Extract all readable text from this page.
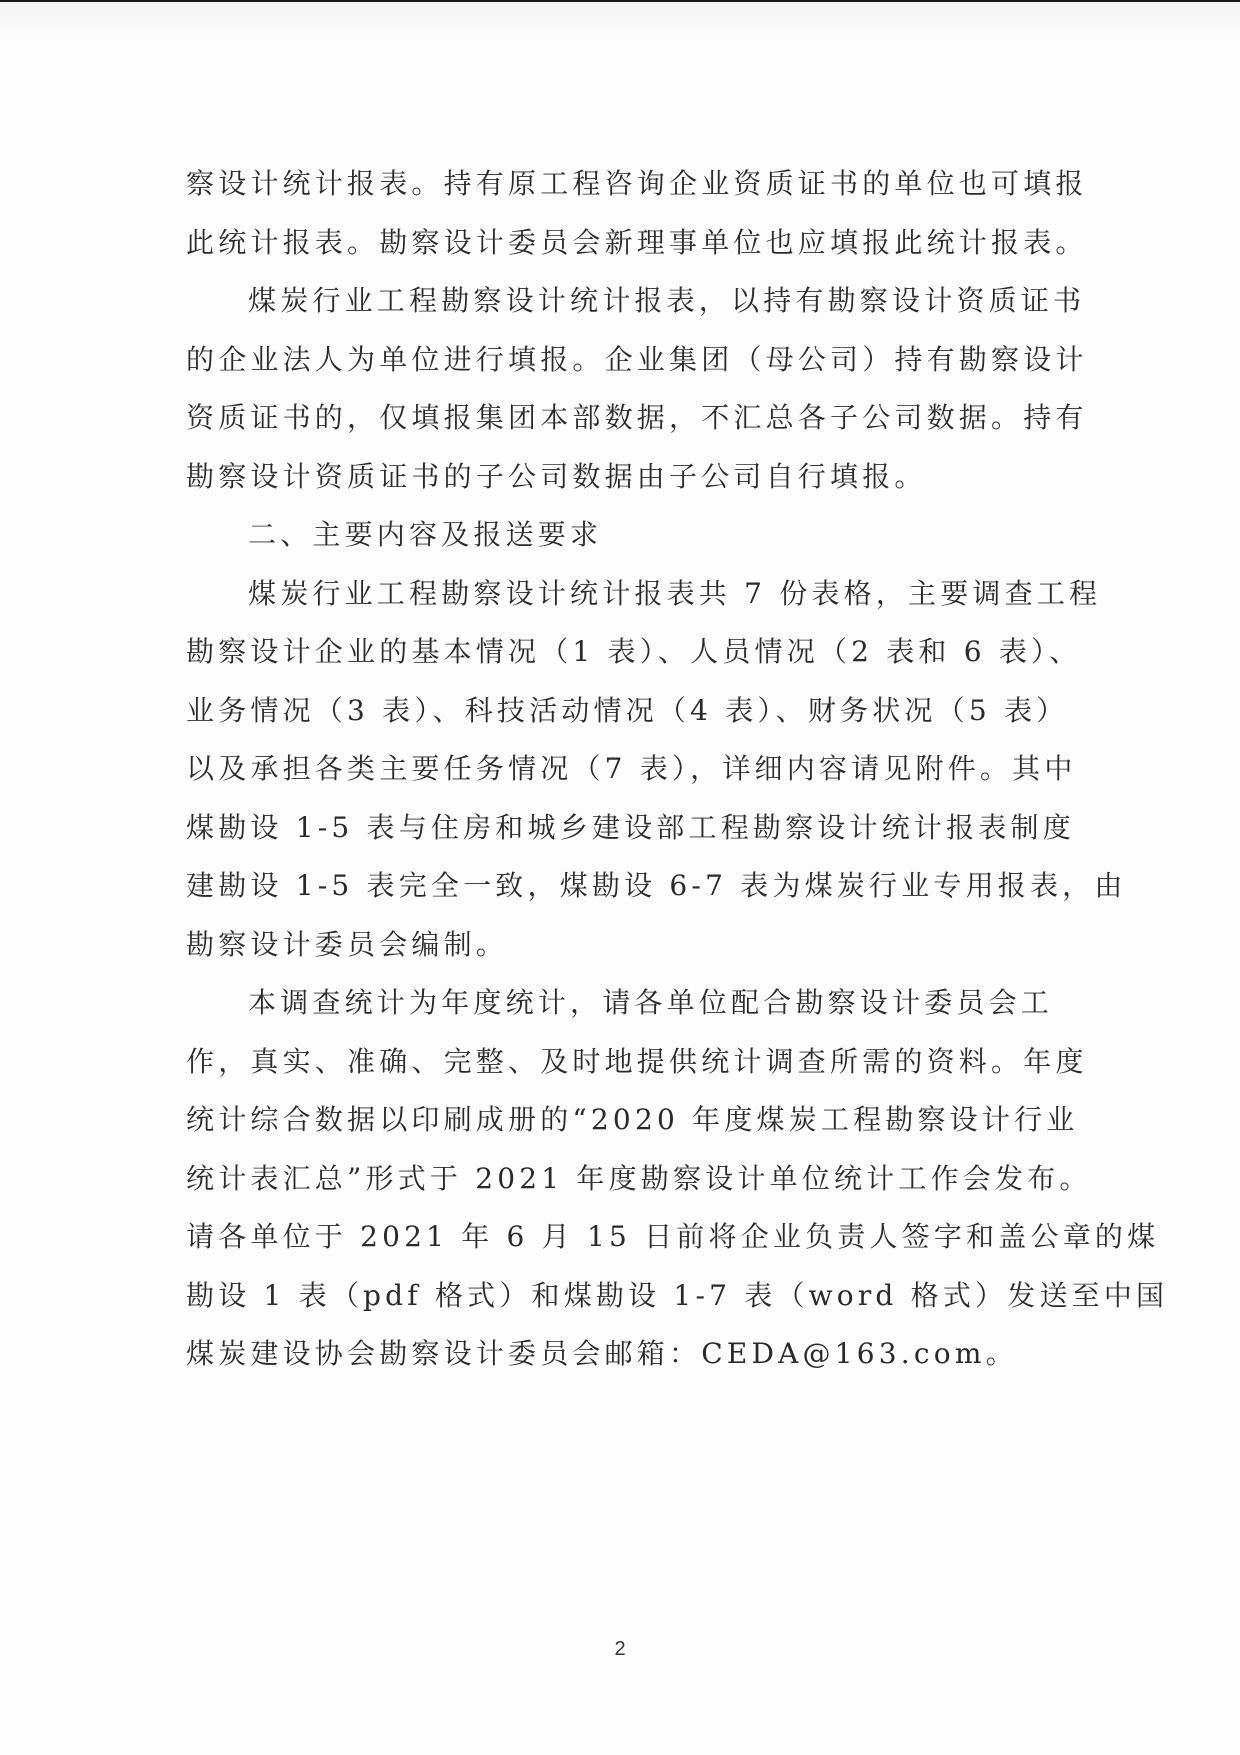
察设计统计报表。持有原工程咨询企业资质证书的单位也可填报
此统计报表。勘察设计委员会新理事单位也应填报此统计报表。
煤炭行业工程勘察设计统计报表，以持有勘察设计资质证书
的企业法人为单位进行填报。企业集团（母公司）持有勘察设计
资质证书的，仅填报集团本部数据，不汇总各子公司数据。持有
勘察设计资质证书的子公司数据由子公司自行填报。
二、主要内容及报送要求
煤炭行业工程勘察设计统计报表共 7 份表格，主要调查工程
勘察设计企业的基本情况（1 表）、人员情况（2 表和 6 表）、
业务情况（3 表）、科技活动情况（4 表）、财务状况（5 表）
以及承担各类主要任务情况（7 表），详细内容请见附件。其中
煤勘设 1-5 表与住房和城乡建设部工程勘察设计统计报表制度
建勘设 1-5 表完全一致，煤勘设 6-7 表为煤炭行业专用报表，由
勘察设计委员会编制。
本调查统计为年度统计，请各单位配合勘察设计委员会工
作，真实、准确、完整、及时地提供统计调查所需的资料。年度
统计综合数据以印刷成册的“2020 年度煤炭工程勘察设计行业
统计表汇总”形式于 2021 年度勘察设计单位统计工作会发布。
请各单位于 2021 年 6 月 15 日前将企业负责人签字和盖公章的煤
勘设 1 表（pdf 格式）和煤勘设 1-7 表（word 格式）发送至中国
煤炭建设协会勘察设计委员会邮箱：CEDA@163.com。
2
